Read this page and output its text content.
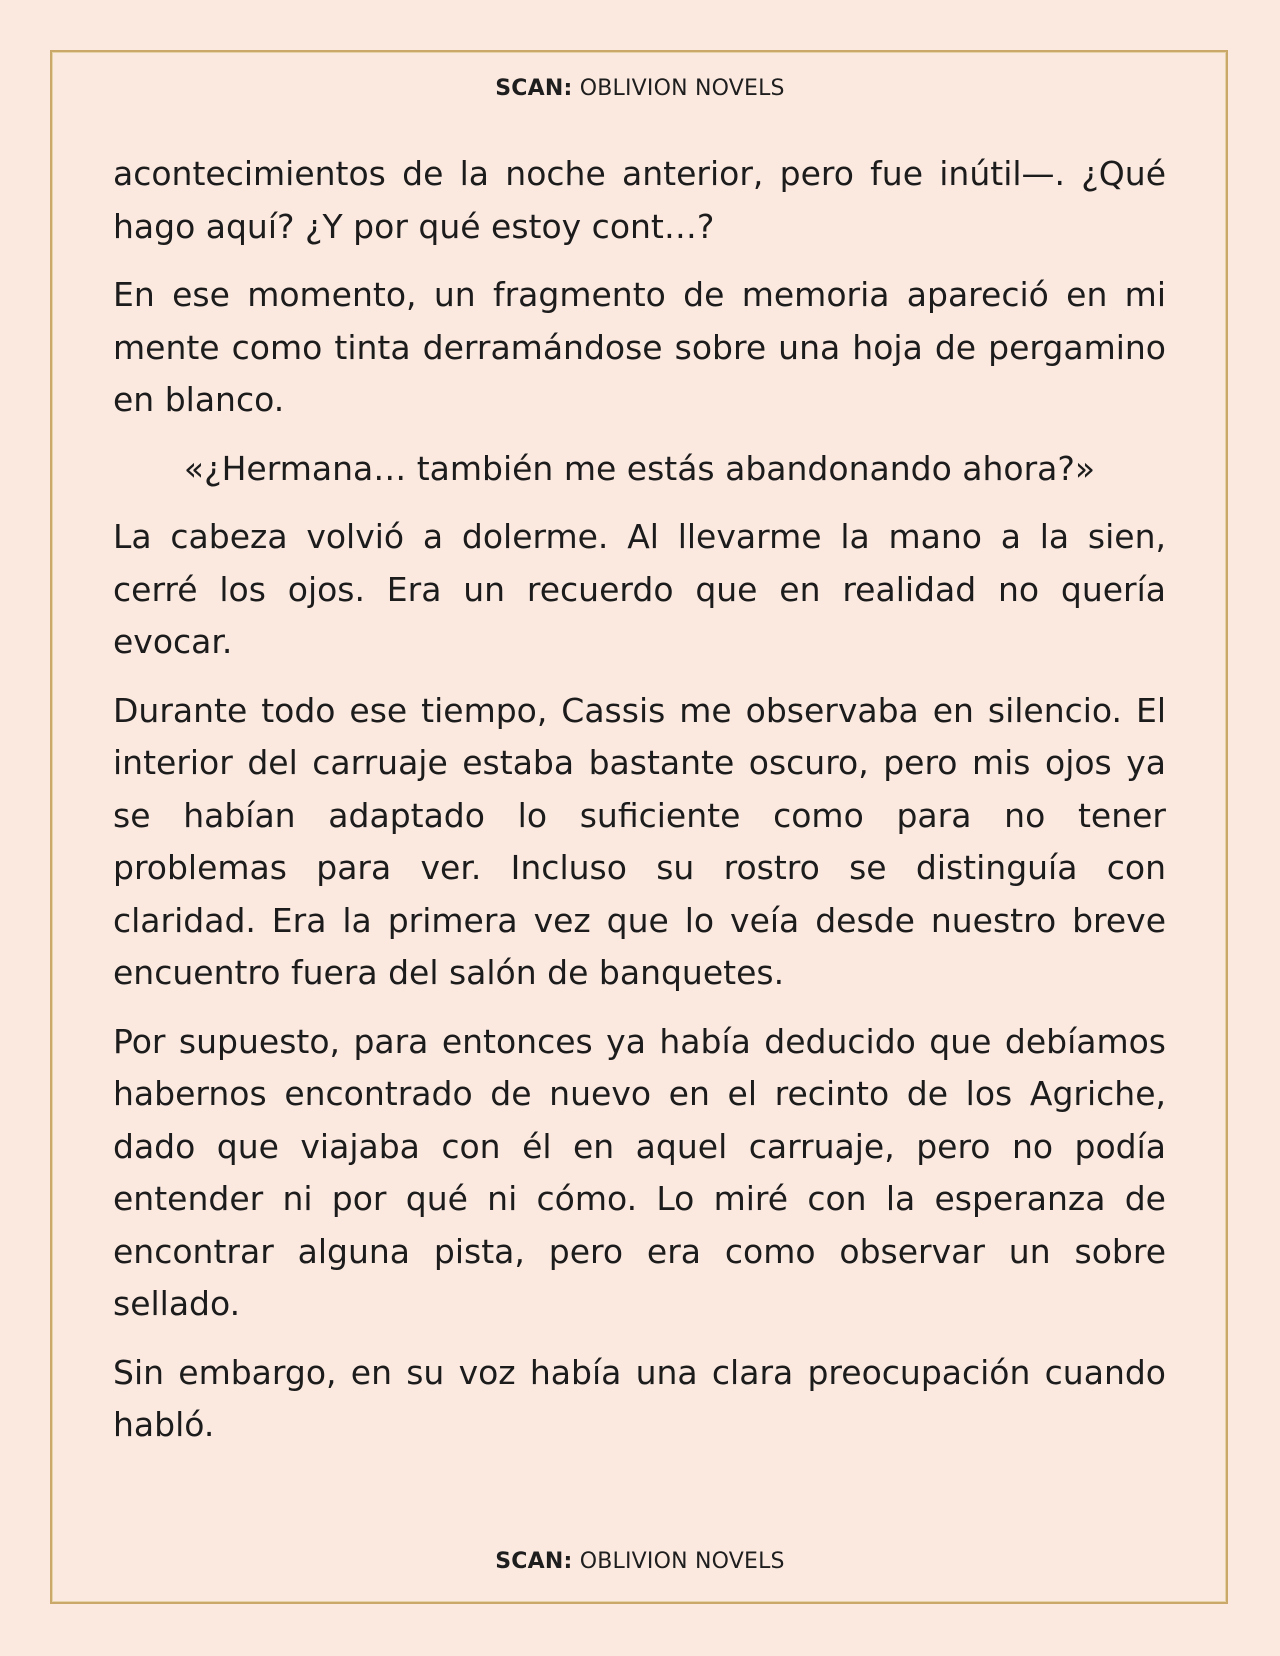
SCAN: OBLIVION NOVELS

acontecimientos de la noche anterior, pero fue inútil—. ¿Qué hago aquí? ¿Y por qué estoy cont…?

En ese momento, un fragmento de memoria apareció en mi mente como tinta derramándose sobre una hoja de pergamino en blanco.

«¿Hermana… también me estás abandonando ahora?»

La cabeza volvió a dolerme. Al llevarme la mano a la sien, cerré los ojos. Era un recuerdo que en realidad no quería evocar.

Durante todo ese tiempo, Cassis me observaba en silencio. El interior del carruaje estaba bastante oscuro, pero mis ojos ya se habían adaptado lo suficiente como para no tener problemas para ver. Incluso su rostro se distinguía con claridad. Era la primera vez que lo veía desde nuestro breve encuentro fuera del salón de banquetes.

Por supuesto, para entonces ya había deducido que debíamos habernos encontrado de nuevo en el recinto de los Agriche, dado que viajaba con él en aquel carruaje, pero no podía entender ni por qué ni cómo. Lo miré con la esperanza de encontrar alguna pista, pero era como observar un sobre sellado.

Sin embargo, en su voz había una clara preocupación cuando habló.

SCAN: OBLIVION NOVELS
